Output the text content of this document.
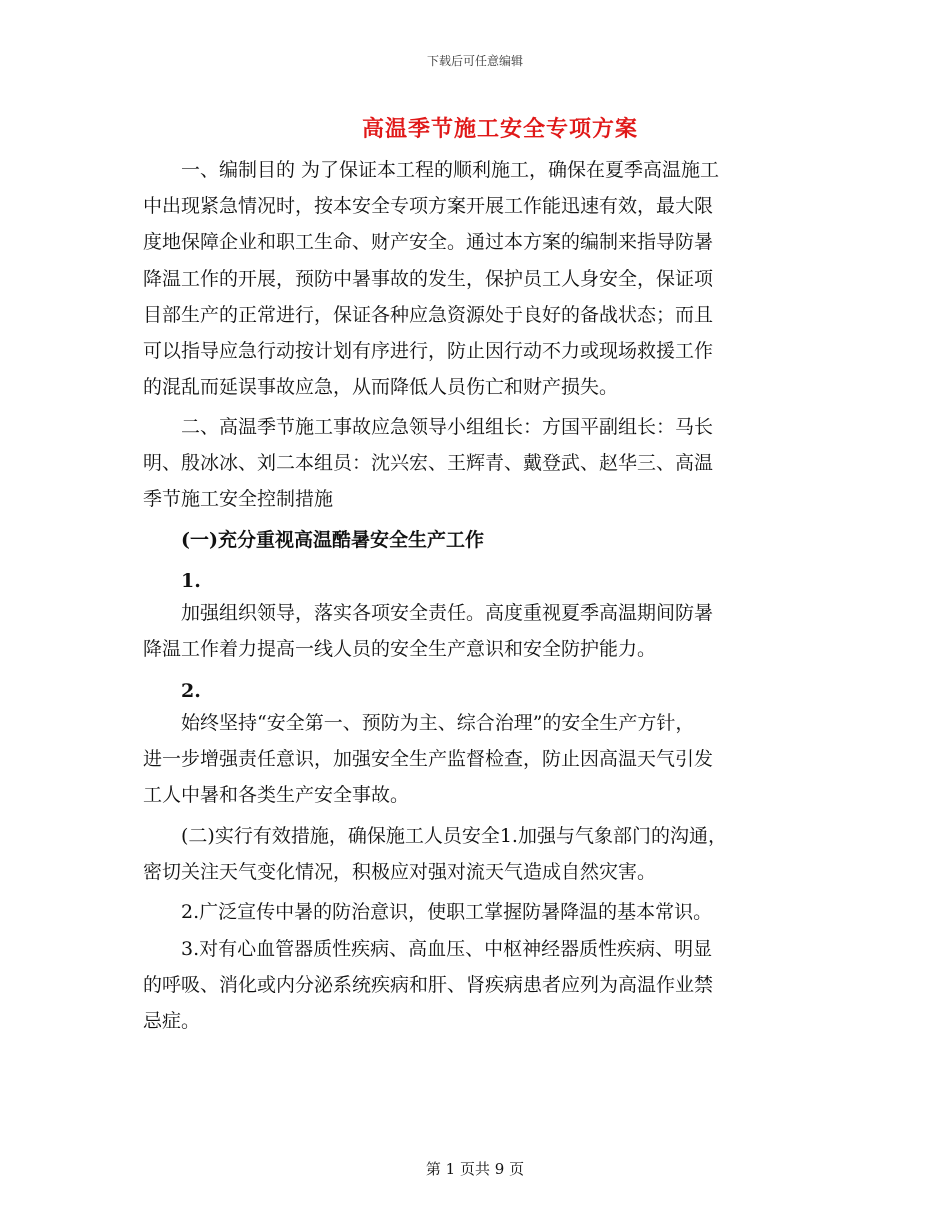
下载后可任意编辑
高温季节施工安全专项方案
　　一、编制目的 为了保证本工程的顺利施工，确保在夏季高温施工
中出现紧急情况时，按本安全专项方案开展工作能迅速有效，最大限
度地保障企业和职工生命、财产安全。通过本方案的编制来指导防暑
降温工作的开展，预防中暑事故的发生，保护员工人身安全，保证项
目部生产的正常进行，保证各种应急资源处于良好的备战状态；而且
可以指导应急行动按计划有序进行，防止因行动不力或现场救援工作
的混乱而延误事故应急，从而降低人员伤亡和财产损失。
　　二、高温季节施工事故应急领导小组组长：方国平副组长：马长
明、殷冰冰、刘二本组员：沈兴宏、王辉青、戴登武、赵华三、高温
季节施工安全控制措施
　　(一)充分重视高温酷暑安全生产工作
　　1.
　　加强组织领导，落实各项安全责任。高度重视夏季高温期间防暑
降温工作着力提高一线人员的安全生产意识和安全防护能力。
　　2.
　　始终坚持“安全第一、预防为主、综合治理”的安全生产方针，
进一步增强责任意识，加强安全生产监督检查，防止因高温天气引发
工人中暑和各类生产安全事故。
　　(二)实行有效措施，确保施工人员安全1.加强与气象部门的沟通，
密切关注天气变化情况，积极应对强对流天气造成自然灾害。
　　2.广泛宣传中暑的防治意识，使职工掌握防暑降温的基本常识。
　　3.对有心血管器质性疾病、高血压、中枢神经器质性疾病、明显
的呼吸、消化或内分泌系统疾病和肝、肾疾病患者应列为高温作业禁
忌症。
第 1 页共 9 页
